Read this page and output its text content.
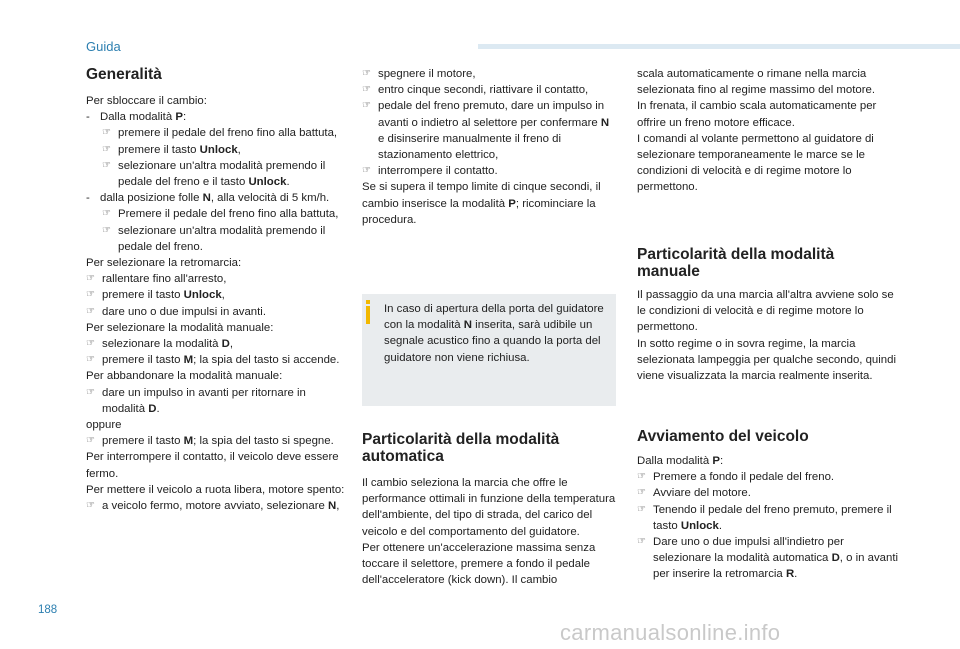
Guida
Generalità
Per sbloccare il cambio:
- Dalla modalità P:
☞ premere il pedale del freno fino alla battuta,
☞ premere il tasto Unlock,
☞ selezionare un'altra modalità premendo il pedale del freno e il tasto Unlock.
- dalla posizione folle N, alla velocità di 5 km/h.
☞ Premere il pedale del freno fino alla battuta,
☞ selezionare un'altra modalità premendo il pedale del freno.
Per selezionare la retromarcia:
☞ rallentare fino all'arresto,
☞ premere il tasto Unlock,
☞ dare uno o due impulsi in avanti.
Per selezionare la modalità manuale:
☞ selezionare la modalità D,
☞ premere il tasto M; la spia del tasto si accende.
Per abbandonare la modalità manuale:
☞ dare un impulso in avanti per ritornare in modalità D.
oppure
☞ premere il tasto M; la spia del tasto si spegne.
Per interrompere il contatto, il veicolo deve essere fermo.
Per mettere il veicolo a ruota libera, motore spento:
☞ a veicolo fermo, motore avviato, selezionare N,
☞ spegnere il motore,
☞ entro cinque secondi, riattivare il contatto,
☞ pedale del freno premuto, dare un impulso in avanti o indietro al selettore per confermare N e disinserire manualmente il freno di stazionamento elettrico,
☞ interrompere il contatto.
Se si supera il tempo limite di cinque secondi, il cambio inserisce la modalità P; ricominciare la procedura.
In caso di apertura della porta del guidatore con la modalità N inserita, sarà udibile un segnale acustico fino a quando la porta del guidatore non viene richiusa.
Particolarità della modalità automatica
Il cambio seleziona la marcia che offre le performance ottimali in funzione della temperatura dell'ambiente, del tipo di strada, del carico del veicolo e del comportamento del guidatore.
Per ottenere un'accelerazione massima senza toccare il selettore, premere a fondo il pedale dell'acceleratore (kick down). Il cambio
scala automaticamente o rimane nella marcia selezionata fino al regime massimo del motore.
In frenata, il cambio scala automaticamente per offrire un freno motore efficace.
I comandi al volante permettono al guidatore di selezionare temporaneamente le marce se le condizioni di velocità e di regime motore lo permettono.
Particolarità della modalità manuale
Il passaggio da una marcia all'altra avviene solo se le condizioni di velocità e di regime motore lo permettono.
In sotto regime o in sovra regime, la marcia selezionata lampeggia per qualche secondo, quindi viene visualizzata la marcia realmente inserita.
Avviamento del veicolo
Dalla modalità P:
☞ Premere a fondo il pedale del freno.
☞ Avviare del motore.
☞ Tenendo il pedale del freno premuto, premere il tasto Unlock.
☞ Dare uno o due impulsi all'indietro per selezionare la modalità automatica D, o in avanti per inserire la retromarcia R.
188
carmanualsonline.info
